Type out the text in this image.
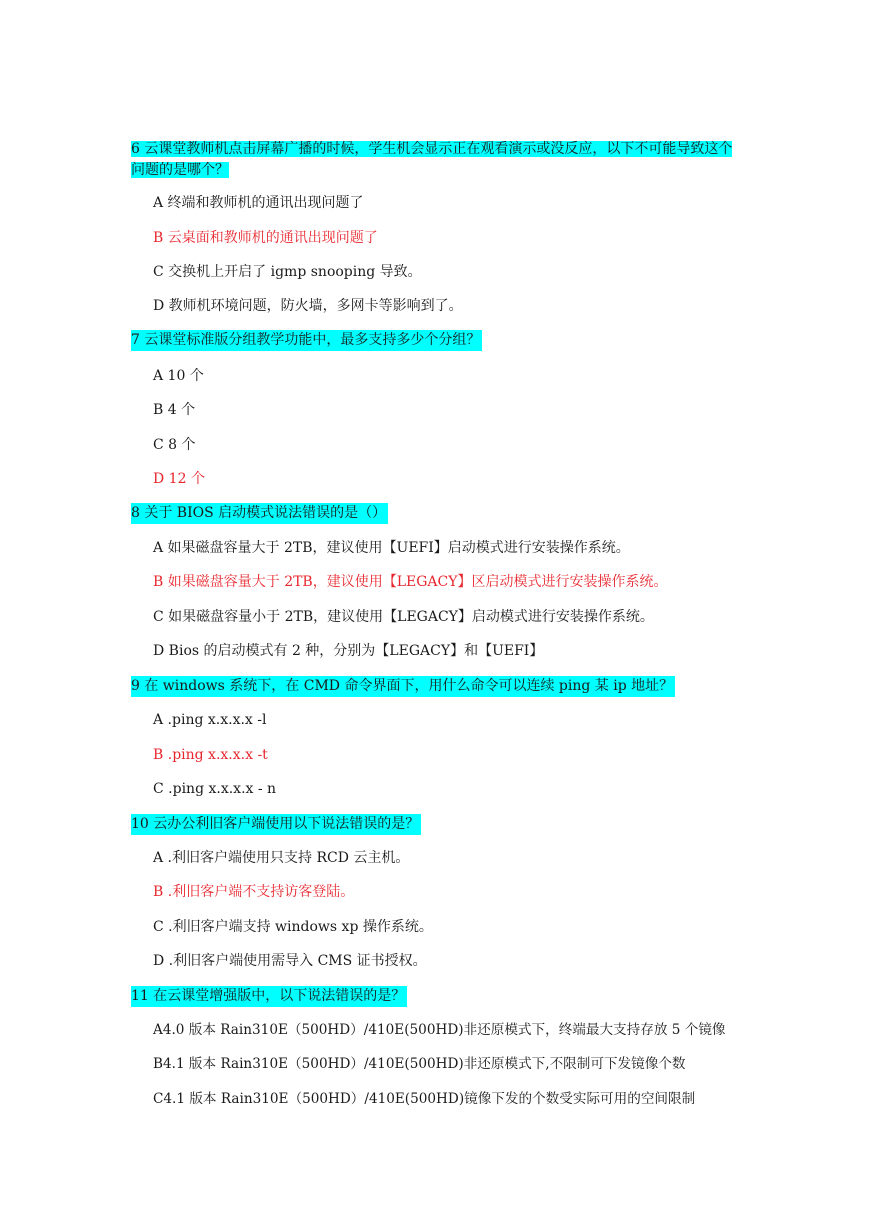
6 云课堂教师机点击屏幕广播的时候，学生机会显示正在观看演示或没反应，以下不可能导致这个问题的是哪个？
A 终端和教师机的通讯出现问题了
B 云桌面和教师机的通讯出现问题了
C 交换机上开启了 igmp snooping 导致。
D 教师机环境问题，防火墙，多网卡等影响到了。
7 云课堂标准版分组教学功能中，最多支持多少个分组？
A 10 个
B 4 个
C 8 个
D 12 个
8 关于 BIOS 启动模式说法错误的是（）
A 如果磁盘容量大于 2TB，建议使用【UEFI】启动模式进行安装操作系统。
B 如果磁盘容量大于 2TB，建议使用【LEGACY】区启动模式进行安装操作系统。
C 如果磁盘容量小于 2TB，建议使用【LEGACY】启动模式进行安装操作系统。
D Bios 的启动模式有 2 种，分别为【LEGACY】和【UEFI】
9 在 windows 系统下，在 CMD 命令界面下，用什么命令可以连续 ping 某 ip 地址？
A .ping x.x.x.x -l
B .ping x.x.x.x -t
C .ping x.x.x.x - n
10 云办公利旧客户端使用以下说法错误的是？
A .利旧客户端使用只支持 RCD 云主机。
B .利旧客户端不支持访客登陆。
C .利旧客户端支持 windows xp 操作系统。
D .利旧客户端使用需导入 CMS 证书授权。
11 在云课堂增强版中，以下说法错误的是？
A4.0 版本 Rain310E（500HD）/410E(500HD)非还原模式下，终端最大支持存放 5 个镜像
B4.1 版本 Rain310E（500HD）/410E(500HD)非还原模式下,不限制可下发镜像个数
C4.1 版本 Rain310E（500HD）/410E(500HD)镜像下发的个数受实际可用的空间限制
